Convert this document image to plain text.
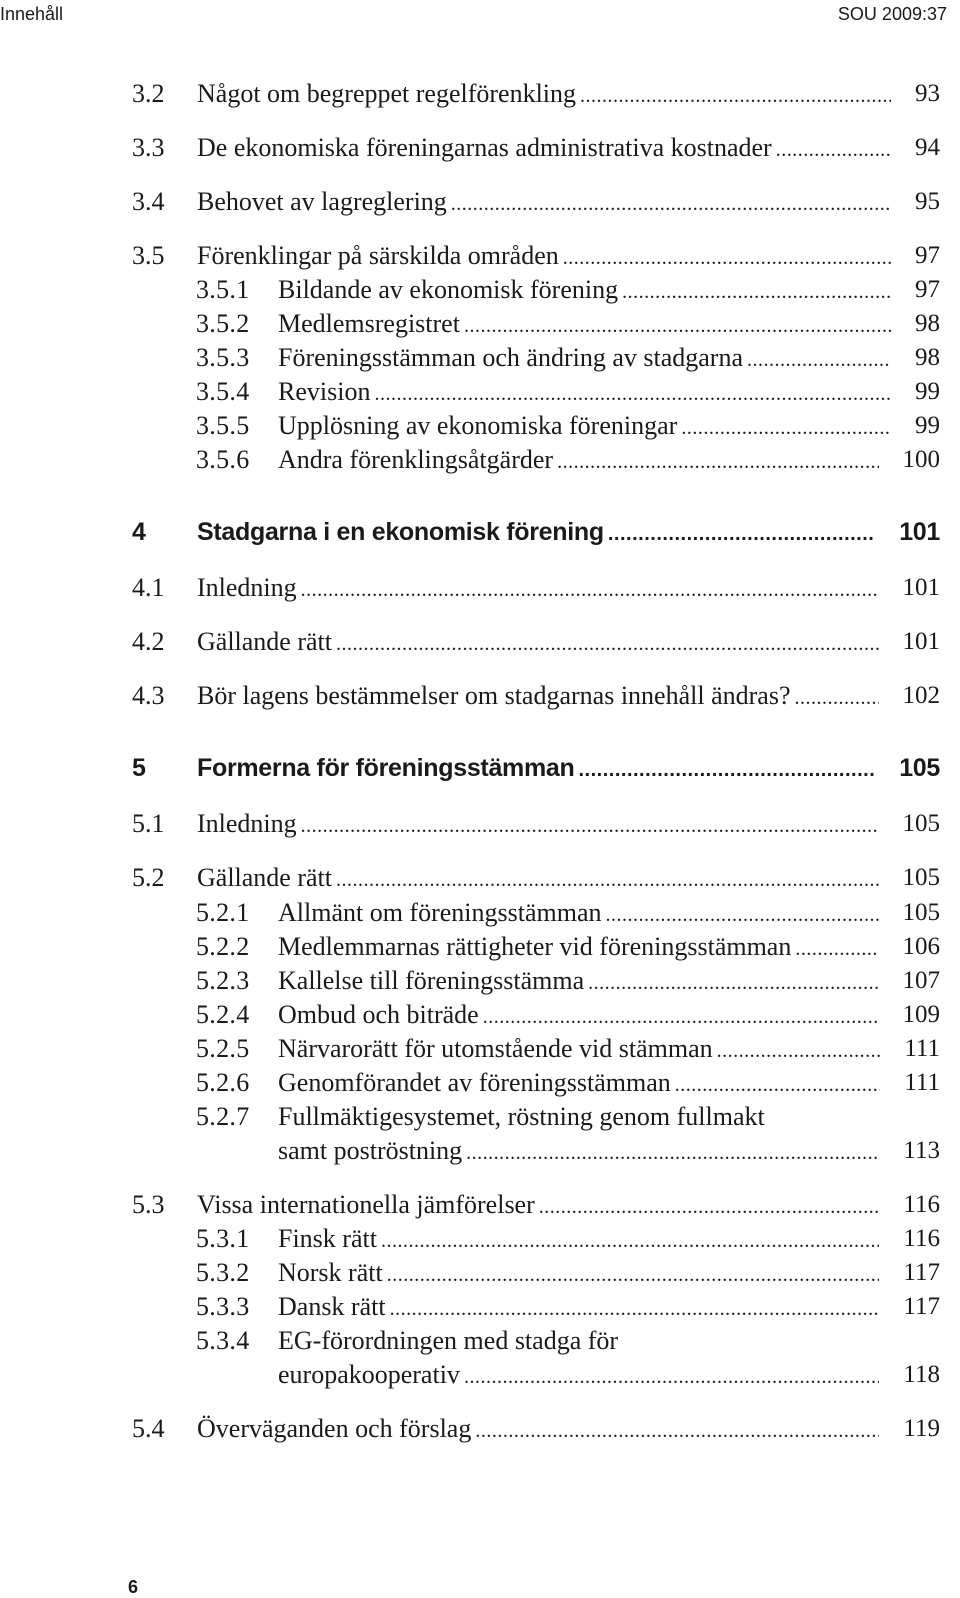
Innehåll	SOU 2009:37
3.2 Något om begreppet regelförenkling	93
.....
3.3 De ekonomiska föreningarnas administrativa kostnader	94
.....
3.4 Behovet av lagreglering	95
.....
3.5 Förenklingar på särskilda områden	97
.....
3.5.1 Bildande av ekonomisk förening	97
.....
3.5.2 Medlemsregistret	98
.....
3.5.3 Föreningsstämman och ändring av stadgarna	98
.....
3.5.4 Revision	99
.....
3.5.5 Upplösning av ekonomiska föreningar	99
.....
3.5.6 Andra förenklingsåtgärder	100
.....
4 Stadgarna i en ekonomisk förening	101
.....
4.1 Inledning	101
.....
4.2 Gällande rätt	101
.....
4.3 Bör lagens bestämmelser om stadgarnas innehåll ändras?	102
.....
5 Formerna för föreningsstämman	105
.....
5.1 Inledning	105
.....
5.2 Gällande rätt	105
.....
5.2.1 Allmänt om föreningsstämman	105
.....
5.2.2 Medlemmarnas rättigheter vid föreningsstämman	106
.....
5.2.3 Kallelse till föreningsstämma	107
.....
5.2.4 Ombud och biträde	109
.....
5.2.5 Närvarorätt för utomstående vid stämman	111
.....
5.2.6 Genomförandet av föreningsstämman	111
.....
5.2.7 Fullmäktigesystemet, röstning genom fullmakt
samt poströstning	113
.....
5.3 Vissa internationella jämförelser	116
.....
5.3.1 Finsk rätt	116
.....
5.3.2 Norsk rätt	117
.....
5.3.3 Dansk rätt	117
.....
5.3.4 EG-förordningen med stadga för
europakooperativ	118
.....
5.4 Överväganden och förslag	119
.....
6
